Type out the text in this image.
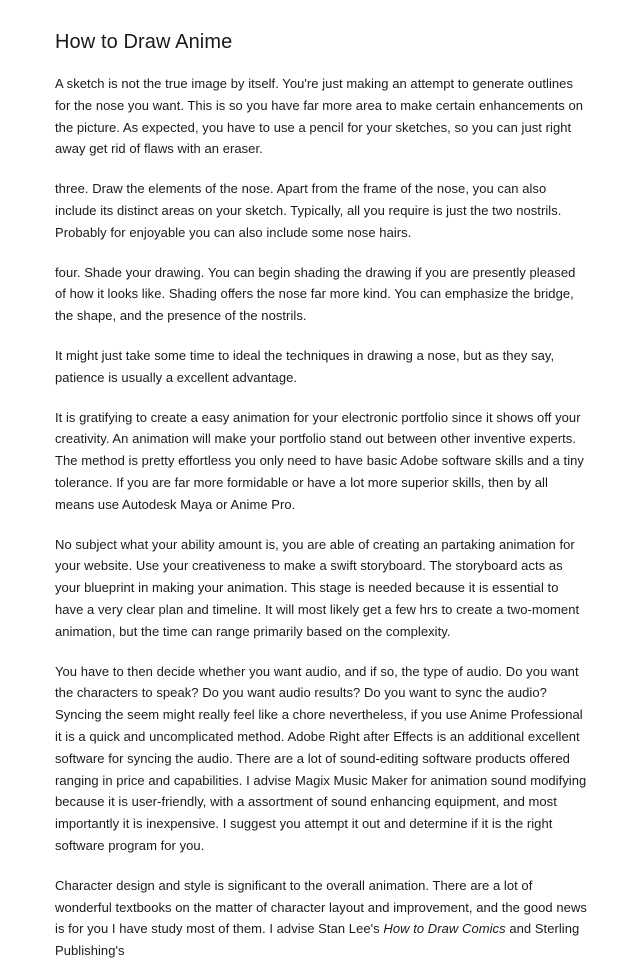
How to Draw Anime

A sketch is not the true image by itself. You're just making an attempt to generate outlines for the nose you want. This is so you have far more area to make certain enhancements on the picture. As expected, you have to use a pencil for your sketches, so you can just right away get rid of flaws with an eraser.

three. Draw the elements of the nose. Apart from the frame of the nose, you can also include its distinct areas on your sketch. Typically, all you require is just the two nostrils. Probably for enjoyable you can also include some nose hairs.

four. Shade your drawing. You can begin shading the drawing if you are presently pleased of how it looks like. Shading offers the nose far more kind. You can emphasize the bridge, the shape, and the presence of the nostrils.

It might just take some time to ideal the techniques in drawing a nose, but as they say, patience is usually a excellent advantage.

It is gratifying to create a easy animation for your electronic portfolio since it shows off your creativity. An animation will make your portfolio stand out between other inventive experts. The method is pretty effortless you only need to have basic Adobe software skills and a tiny tolerance. If you are far more formidable or have a lot more superior skills, then by all means use Autodesk Maya or Anime Pro.

No subject what your ability amount is, you are able of creating an partaking animation for your website. Use your creativeness to make a swift storyboard. The storyboard acts as your blueprint in making your animation. This stage is needed because it is essential to have a very clear plan and timeline. It will most likely get a few hrs to create a two-moment animation, but the time can range primarily based on the complexity.

You have to then decide whether you want audio, and if so, the type of audio. Do you want the characters to speak? Do you want audio results? Do you want to sync the audio? Syncing the seem might really feel like a chore nevertheless, if you use Anime Professional it is a quick and uncomplicated method. Adobe Right after Effects is an additional excellent software for syncing the audio. There are a lot of sound-editing software products offered ranging in price and capabilities. I advise Magix Music Maker for animation sound modifying because it is user-friendly, with a assortment of sound enhancing equipment, and most importantly it is inexpensive. I suggest you attempt it out and determine if it is the right software program for you.

Character design and style is significant to the overall animation. There are a lot of wonderful textbooks on the matter of character layout and improvement, and the good news is for you I have study most of them. I advise Stan Lee's How to Draw Comics and Sterling Publishing's
